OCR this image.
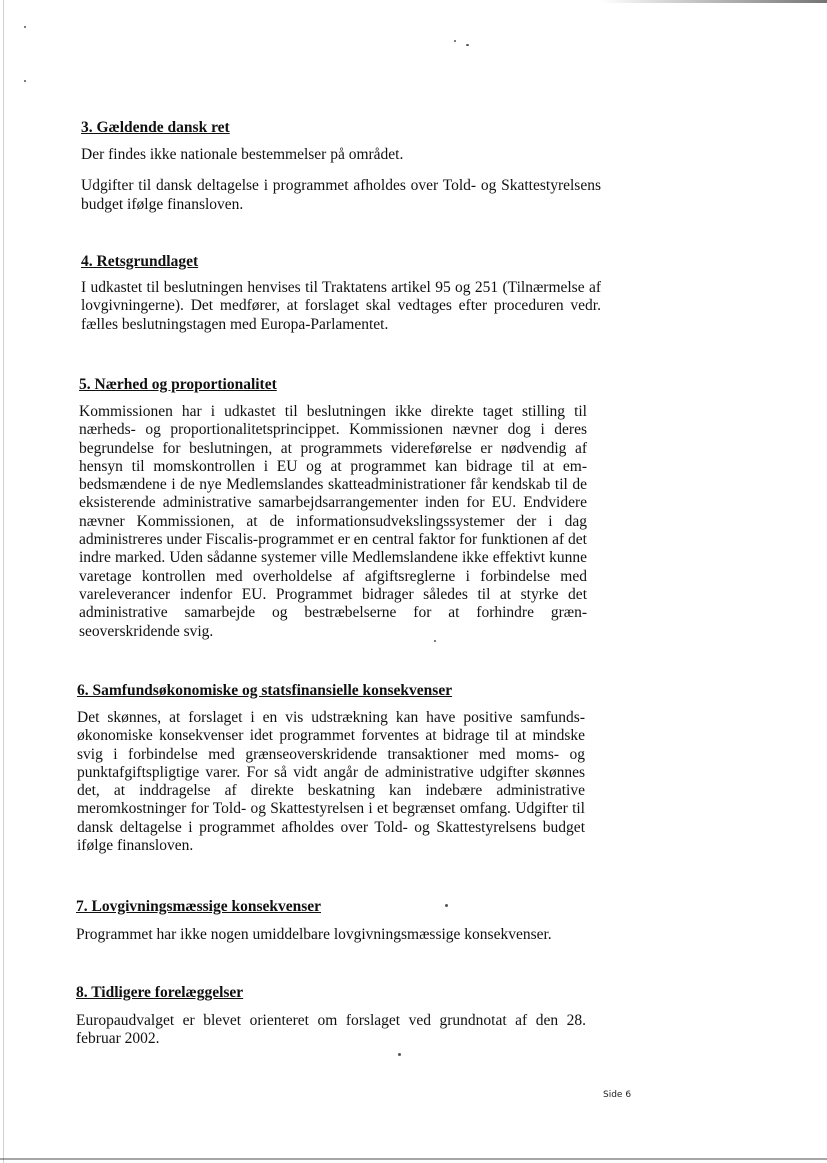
3. Gældende dansk ret

Der findes ikke nationale bestemmelser på området.

Udgifter til dansk deltagelse i programmet afholdes over Told- og Skattestyrelsens budget ifølge finansloven.

4. Retsgrundlaget

I udkastet til beslutningen henvises til Traktatens artikel 95 og 251 (Tilnærmelse af lovgivningerne). Det medfører, at forslaget skal vedtages efter proceduren vedr. fælles beslutningstagen med Europa-Parlamentet.

5. Nærhed og proportionalitet

Kommissionen har i udkastet til beslutningen ikke direkte taget stilling til nærheds- og proportionalitetsprincippet. Kommissionen nævner dog i deres begrundelse for beslutningen, at programmets videreførelse er nødvendig af hensyn til momskontrollen i EU og at programmet kan bidrage til at embedsmændene i de nye Medlemslandes skatteadministrationer får kendskab til de eksisterende administrative samarbejdsarrangementer inden for EU. Endvidere nævner Kommissionen, at de informationsudvekslingssystemer der i dag administreres under Fiscalis-programmet er en central faktor for funktionen af det indre marked. Uden sådanne systemer ville Medlemslandene ikke effektivt kunne varetage kontrollen med overholdelse af afgiftsreglerne i forbindelse med vareleverancer indenfor EU. Programmet bidrager således til at styrke det administrative samarbejde og bestræbelserne for at forhindre grænseoverskridende svig.

6. Samfundsøkonomiske og statsfinansielle konsekvenser

Det skønnes, at forslaget i en vis udstrækning kan have positive samfundsøkonomiske konsekvenser idet programmet forventes at bidrage til at mindske svig i forbindelse med grænseoverskridende transaktioner med moms- og punktafgiftspligtige varer. For så vidt angår de administrative udgifter skønnes det, at inddragelse af direkte beskatning kan indebære administrative meromkostninger for Told- og Skattestyrelsen i et begrænset omfang. Udgifter til dansk deltagelse i programmet afholdes over Told- og Skattestyrelsens budget ifølge finansloven.

7. Lovgivningsmæssige konsekvenser

Programmet har ikke nogen umiddelbare lovgivningsmæssige konsekvenser.

8. Tidligere forelæggelser

Europaudvalget er blevet orienteret om forslaget ved grundnotat af den 28. februar 2002.

Side 6
